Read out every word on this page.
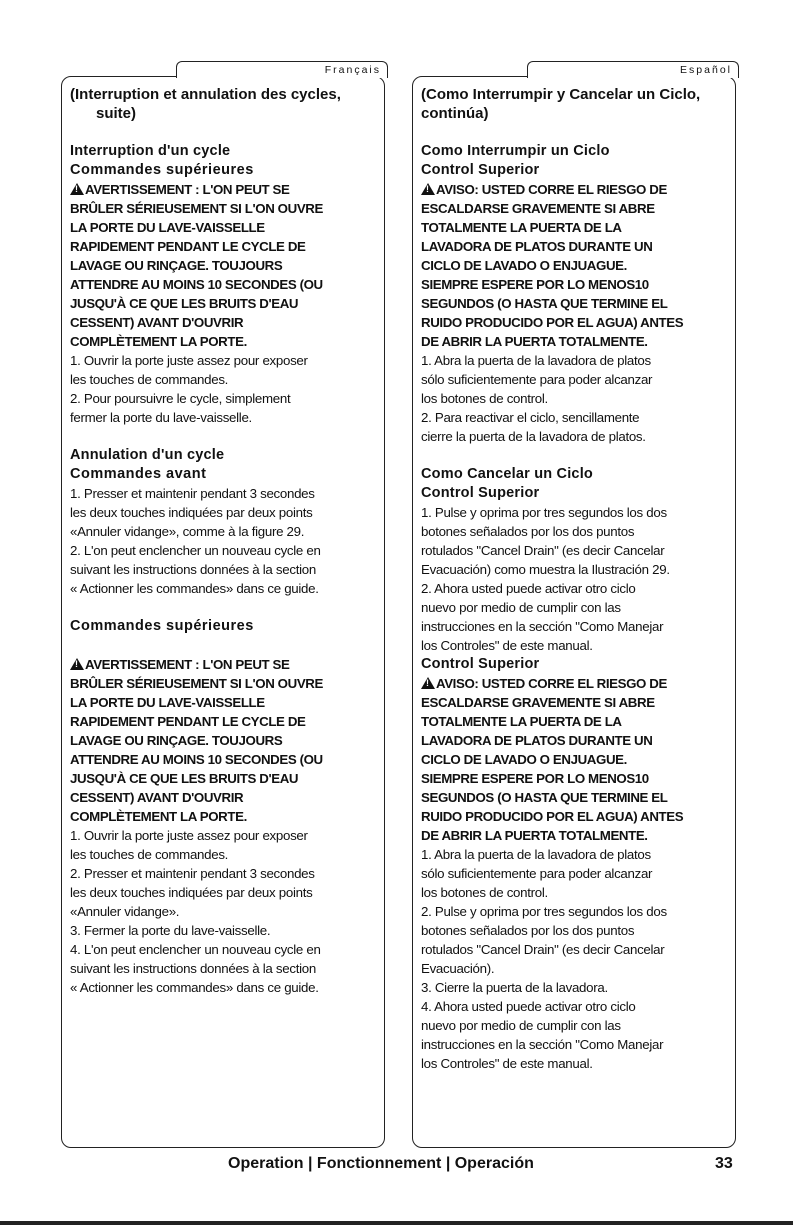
Français

(Interruption et annulation des cycles,

suite)

Interruption d'un cycle

Commandes supérieures

!AVERTISSEMENT : L'ON PEUT SE

BRÛLER SÉRIEUSEMENT SI L'ON OUVRE

LA PORTE DU LAVE-VAISSELLE

RAPIDEMENT PENDANT LE CYCLE DE

LAVAGE OU RINÇAGE. TOUJOURS

ATTENDRE AU MOINS 10 SECONDES (OU

JUSQU'À CE QUE LES BRUITS D'EAU

CESSENT) AVANT D'OUVRIR

COMPLÈTEMENT LA PORTE.

1. Ouvrir la porte juste assez pour exposer

les touches de commandes.

2. Pour poursuivre le cycle, simplement

fermer la porte du lave-vaisselle.

Annulation d'un cycle

Commandes avant

1. Presser et maintenir pendant 3 secondes

les deux touches indiquées par deux points

«Annuler vidange», comme à la figure 29.

2. L'on peut enclencher un nouveau cycle en

suivant les instructions données à la section

« Actionner les commandes» dans ce guide.

Commandes supérieures

!AVERTISSEMENT : L'ON PEUT SE

BRÛLER SÉRIEUSEMENT SI L'ON OUVRE

LA PORTE DU LAVE-VAISSELLE

RAPIDEMENT PENDANT LE CYCLE DE

LAVAGE OU RINÇAGE. TOUJOURS

ATTENDRE AU MOINS 10 SECONDES (OU

JUSQU'À CE QUE LES BRUITS D'EAU

CESSENT) AVANT D'OUVRIR

COMPLÈTEMENT LA PORTE.

1. Ouvrir la porte juste assez pour exposer

les touches de commandes.

2. Presser et maintenir pendant 3 secondes

les deux touches indiquées par deux points

«Annuler vidange».

3. Fermer la porte du lave-vaisselle.

4. L'on peut enclencher un nouveau cycle en

suivant les instructions données à la section

« Actionner les commandes» dans ce guide.

Español

(Como Interrumpir y Cancelar un Ciclo,

continúa)

Como Interrumpir un Ciclo

Control Superior

!AVISO: USTED CORRE EL RIESGO DE

ESCALDARSE GRAVEMENTE SI ABRE

TOTALMENTE LA PUERTA DE LA

LAVADORA DE PLATOS DURANTE UN

CICLO DE LAVADO O ENJUAGUE.

SIEMPRE ESPERE POR LO MENOS10

SEGUNDOS (O HASTA QUE TERMINE EL

RUIDO PRODUCIDO POR EL AGUA) ANTES

DE ABRIR LA PUERTA TOTALMENTE.

1. Abra la puerta de la lavadora de platos

sólo suficientemente para poder alcanzar

los botones de control.

2. Para reactivar el ciclo, sencillamente

cierre la puerta de la lavadora de platos.

Como Cancelar un Ciclo

Control Superior

1. Pulse y oprima por tres segundos los dos

botones señalados por los dos puntos

rotulados "Cancel Drain" (es decir Cancelar

Evacuación) como muestra la Ilustración 29.

2. Ahora usted puede activar otro ciclo

nuevo por medio de cumplir con las

instrucciones en la sección "Como Manejar

los Controles" de este manual.

Control Superior

!AVISO: USTED CORRE EL RIESGO DE

ESCALDARSE GRAVEMENTE SI ABRE

TOTALMENTE LA PUERTA DE LA

LAVADORA DE PLATOS DURANTE UN

CICLO DE LAVADO O ENJUAGUE.

SIEMPRE ESPERE POR LO MENOS10

SEGUNDOS (O HASTA QUE TERMINE EL

RUIDO PRODUCIDO POR EL AGUA) ANTES

DE ABRIR LA PUERTA TOTALMENTE.

1. Abra la puerta de la lavadora de platos

sólo suficientemente para poder alcanzar

los botones de control.

2. Pulse y oprima por tres segundos los dos

botones señalados por los dos puntos

rotulados "Cancel Drain" (es decir Cancelar

Evacuación).

3. Cierre la puerta de la lavadora.

4. Ahora usted puede activar otro ciclo

nuevo por medio de cumplir con las

instrucciones en la sección "Como Manejar

los Controles" de este manual.

Operation | Fonctionnement | Operación	33
